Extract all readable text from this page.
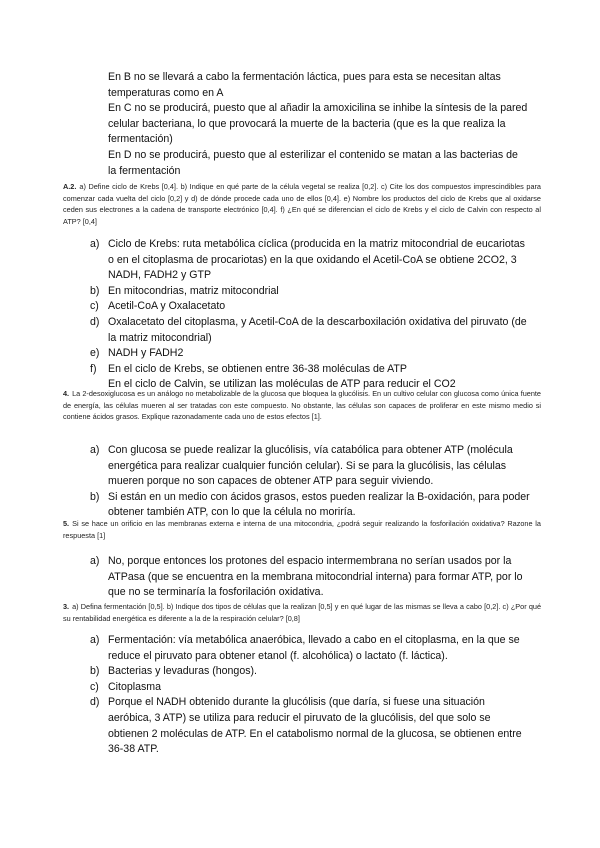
En B no se llevará a cabo la fermentación láctica, pues para esta se necesitan altas temperaturas como en A
En C no se producirá, puesto que al añadir la amoxicilina se inhibe la síntesis de la pared celular bacteriana, lo que provocará la muerte de la bacteria (que es la que realiza la fermentación)
En D no se producirá, puesto que al esterilizar el contenido se matan a las bacterias de la fermentación
A.2. a) Define ciclo de Krebs [0,4]. b) Indique en qué parte de la célula vegetal se realiza [0,2]. c) Cite los dos compuestos imprescindibles para comenzar cada vuelta del ciclo [0,2] y d) de dónde procede cada uno de ellos [0,4]. e) Nombre los productos del ciclo de Krebs que al oxidarse ceden sus electrones a la cadena de transporte electrónico [0,4]. f) ¿En qué se diferencian el ciclo de Krebs y el ciclo de Calvin con respecto al ATP? [0,4]
a) Ciclo de Krebs: ruta metabólica cíclica (producida en la matriz mitocondrial de eucariotas o en el citoplasma de procariotas) en la que oxidando el Acetil-CoA se obtiene 2CO2, 3 NADH, FADH2 y GTP
b) En mitocondrias, matriz mitocondrial
c) Acetil-CoA y Oxalacetato
d) Oxalacetato del citoplasma, y Acetil-CoA de la descarboxilación oxidativa del piruvato (de la matriz mitocondrial)
e) NADH y FADH2
f)	En el ciclo de Krebs, se obtienen entre 36-38 moléculas de ATP
En el ciclo de Calvin, se utilizan las moléculas de ATP para reducir el CO2
4. La 2-desoxiglucosa es un análogo no metabolizable de la glucosa que bloquea la glucólisis. En un cultivo celular con glucosa como única fuente de energía, las células mueren al ser tratadas con este compuesto. No obstante, las células son capaces de proliferar en este mismo medio si contiene ácidos grasos. Explique razonadamente cada uno de estos efectos [1].
a) Con glucosa se puede realizar la glucólisis, vía catabólica para obtener ATP (molécula energética para realizar cualquier función celular). Si se para la glucólisis, las células mueren porque no son capaces de obtener ATP para seguir viviendo.
b) Si están en un medio con ácidos grasos, estos pueden realizar la B-oxidación, para poder obtener también ATP, con lo que la célula no moriría.
5. Si se hace un orificio en las membranas externa e interna de una mitocondria, ¿podrá seguir realizando la fosforilación oxidativa? Razone la respuesta [1]
a) No, porque entonces los protones del espacio intermembrana no serían usados por la ATPasa (que se encuentra en la membrana mitocondrial interna) para formar ATP, por lo que no se terminaría la fosforilación oxidativa.
3. a) Defina fermentación [0,5]. b) Indique dos tipos de células que la realizan [0,5] y en qué lugar de las mismas se lleva a cabo [0,2]. c) ¿Por qué su rentabilidad energética es diferente a la de la respiración celular? [0,8]
a) Fermentación: vía metabólica anaeróbica, llevado a cabo en el citoplasma, en la que se reduce el piruvato para obtener etanol (f. alcohólica) o lactato (f. láctica).
b) Bacterias y levaduras (hongos).
c) Citoplasma
d) Porque el NADH obtenido durante la glucólisis (que daría, si fuese una situación aeróbica, 3 ATP) se utiliza para reducir el piruvato de la glucólisis, del que solo se obtienen 2 moléculas de ATP. En el catabolismo normal de la glucosa, se obtienen entre 36-38 ATP.
